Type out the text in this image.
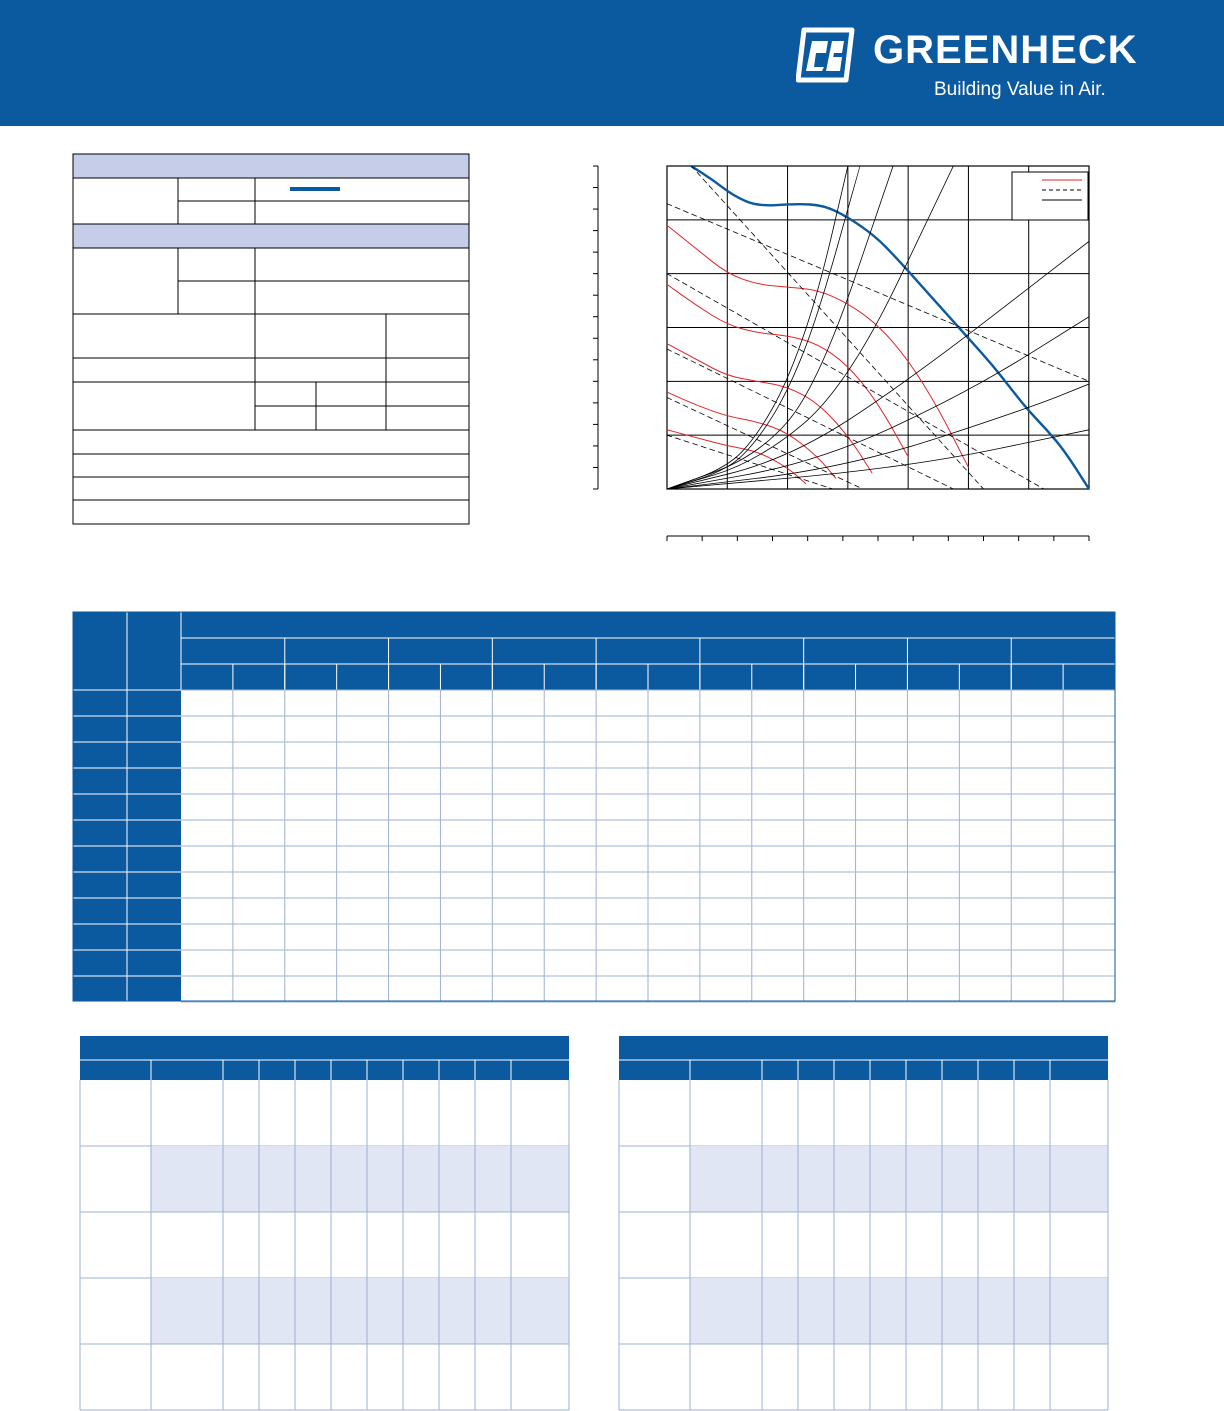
GREENHECK
Building Value in Air.
